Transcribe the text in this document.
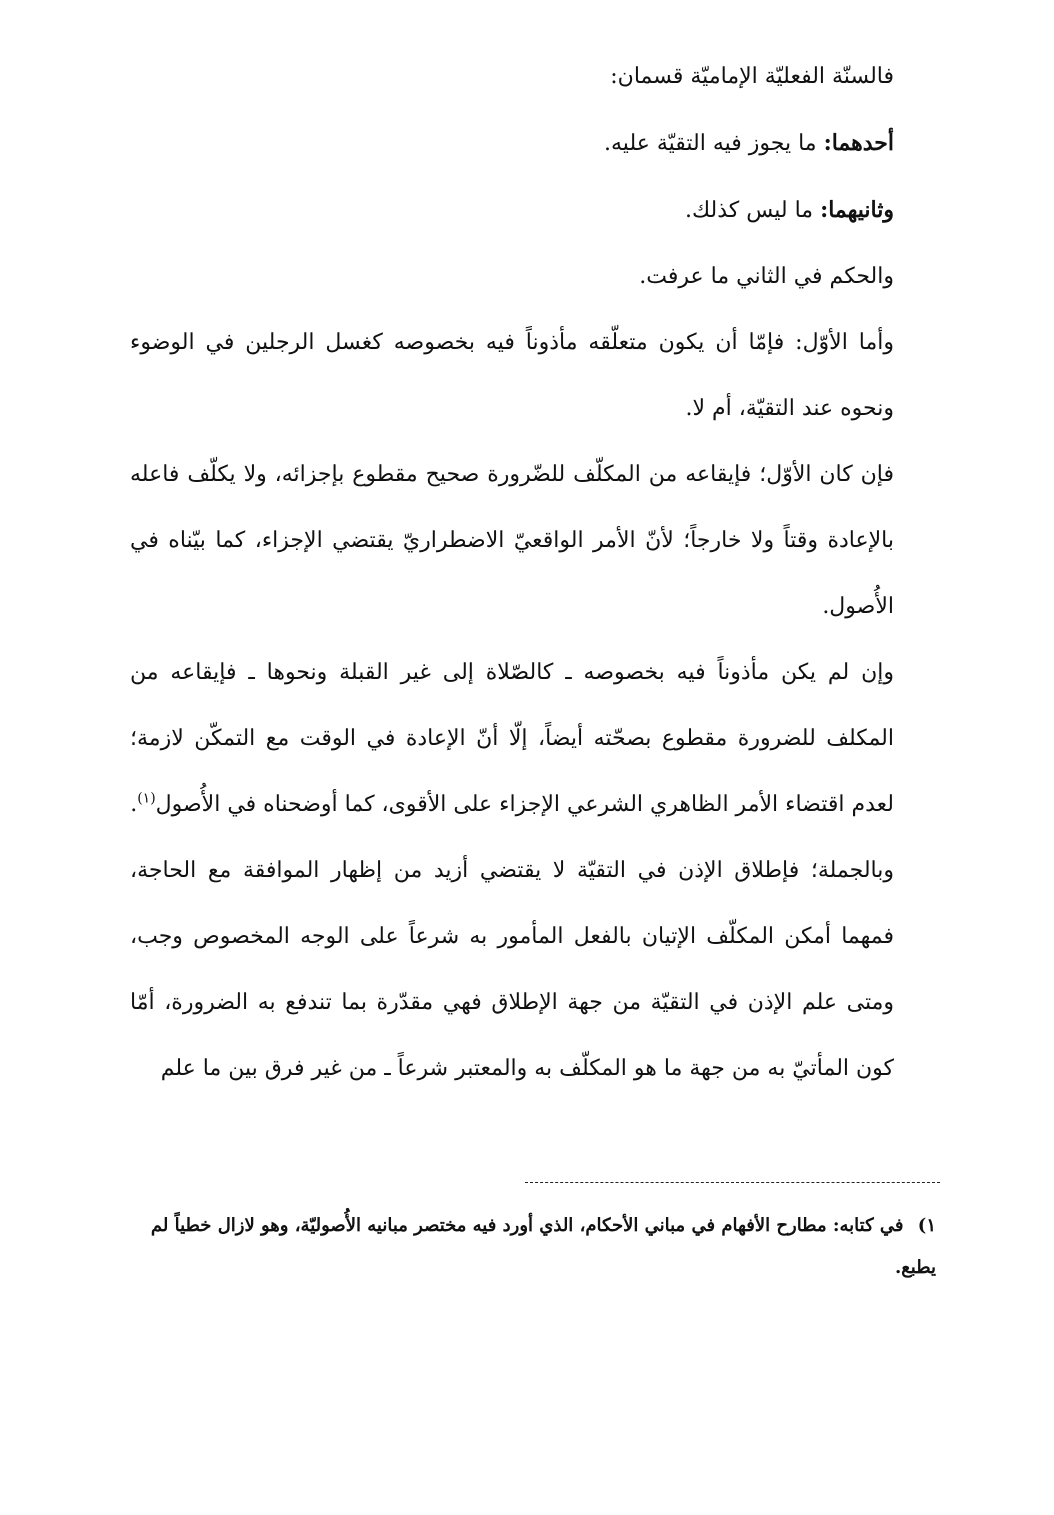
فالسنّة الفعليّة الإماميّة قسمان:

أحدهما: ما يجوز فيه التقيّة عليه.

وثانيهما: ما ليس كذلك.

والحكم في الثاني ما عرفت.

وأما الأوّل: فإمّا أن يكون متعلّقه مأذوناً فيه بخصوصه كغسل الرجلين في الوضوء ونحوه عند التقيّة، أم لا.

فإن كان الأوّل؛ فإيقاعه من المكلّف للضّرورة صحيح مقطوع بإجزائه، ولا يكلّف فاعله بالإعادة وقتاً ولا خارجاً؛ لأنّ الأمر الواقعيّ الاضطراريّ يقتضي الإجزاء، كما بيّناه في الأُصول.

وإن لم يكن مأذوناً فيه بخصوصه ـ كالصّلاة إلى غير القبلة ونحوها ـ فإيقاعه من المكلف للضرورة مقطوع بصحّته أيضاً، إلّا أنّ الإعادة في الوقت مع التمكّن لازمة؛ لعدم اقتضاء الأمر الظاهري الشرعي الإجزاء على الأقوى، كما أوضحناه في الأُصول$^{(١)}$.

وبالجملة؛ فإطلاق الإذن في التقيّة لا يقتضي أزيد من إظهار الموافقة مع الحاجة، فمهما أمكن المكلّف الإتيان بالفعل المأمور به شرعاً على الوجه المخصوص وجب، ومتى علم الإذن في التقيّة من جهة الإطلاق فهي مقدّرة بما تندفع به الضرورة، أمّا كون المأتيّ به من جهة ما هو المكلّف به والمعتبر شرعاً ـ من غير فرق بين ما علم

١) في كتابه: مطارح الأفهام في مباني الأحكام، الذي أورد فيه مختصر مبانيه الأُصوليّة، وهو لازال خطياً لم يطبع.
